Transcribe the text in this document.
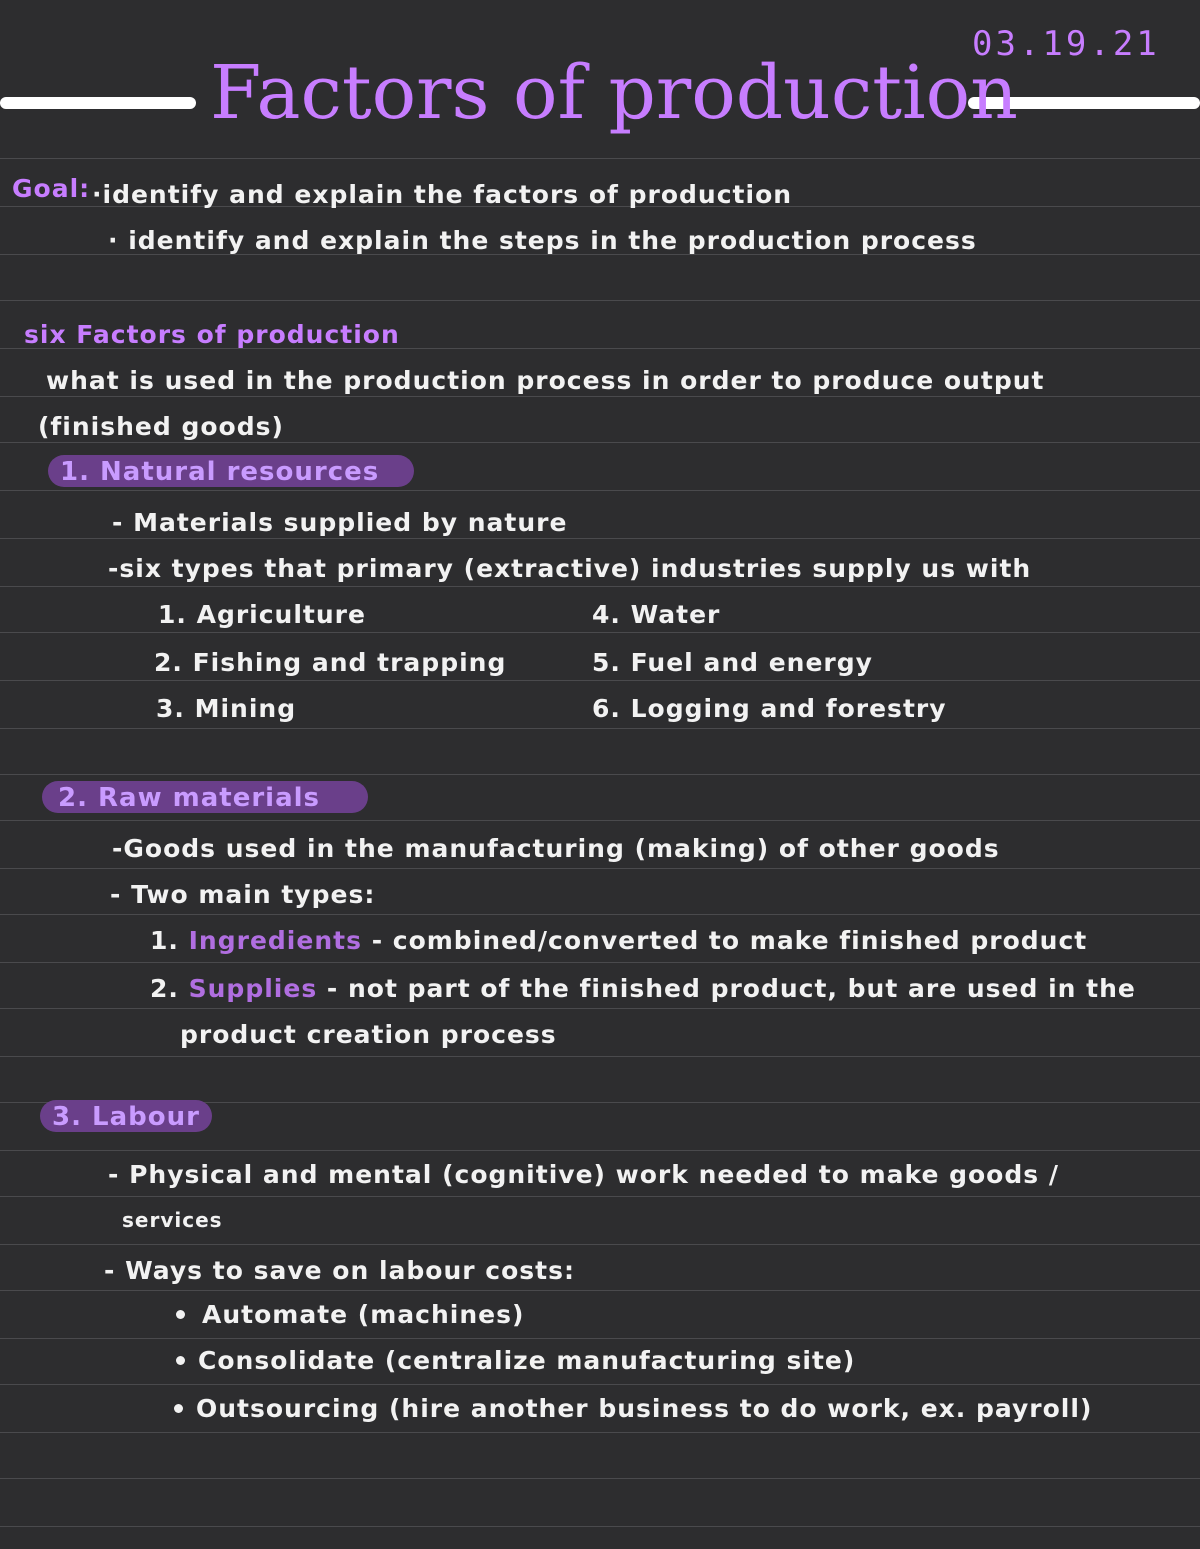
03.19.21
Factors of production
Goal: ·identify and explain the factors of production
· identify and explain the steps in the production process
six Factors of production
what is used in the production process in order to produce output
(finished goods)
1. Natural resources
- Materials supplied by nature
-six types that primary (extractive) industries supply us with
1. Agriculture
2. Fishing and trapping
3. Mining
4. Water
5. Fuel and energy
6. Logging and forestry
2. Raw materials
-Goods used in the manufacturing (making) of other goods
- Two main types:
1. Ingredients - combined/converted to make finished product
2. Supplies - not part of the finished product, but are used in the
product creation process
3. Labour
- Physical and mental (cognitive) work needed to make goods /
services
- Ways to save on labour costs:
Automate (machines)
Consolidate (centralize manufacturing site)
Outsourcing (hire another business to do work, ex. payroll)
